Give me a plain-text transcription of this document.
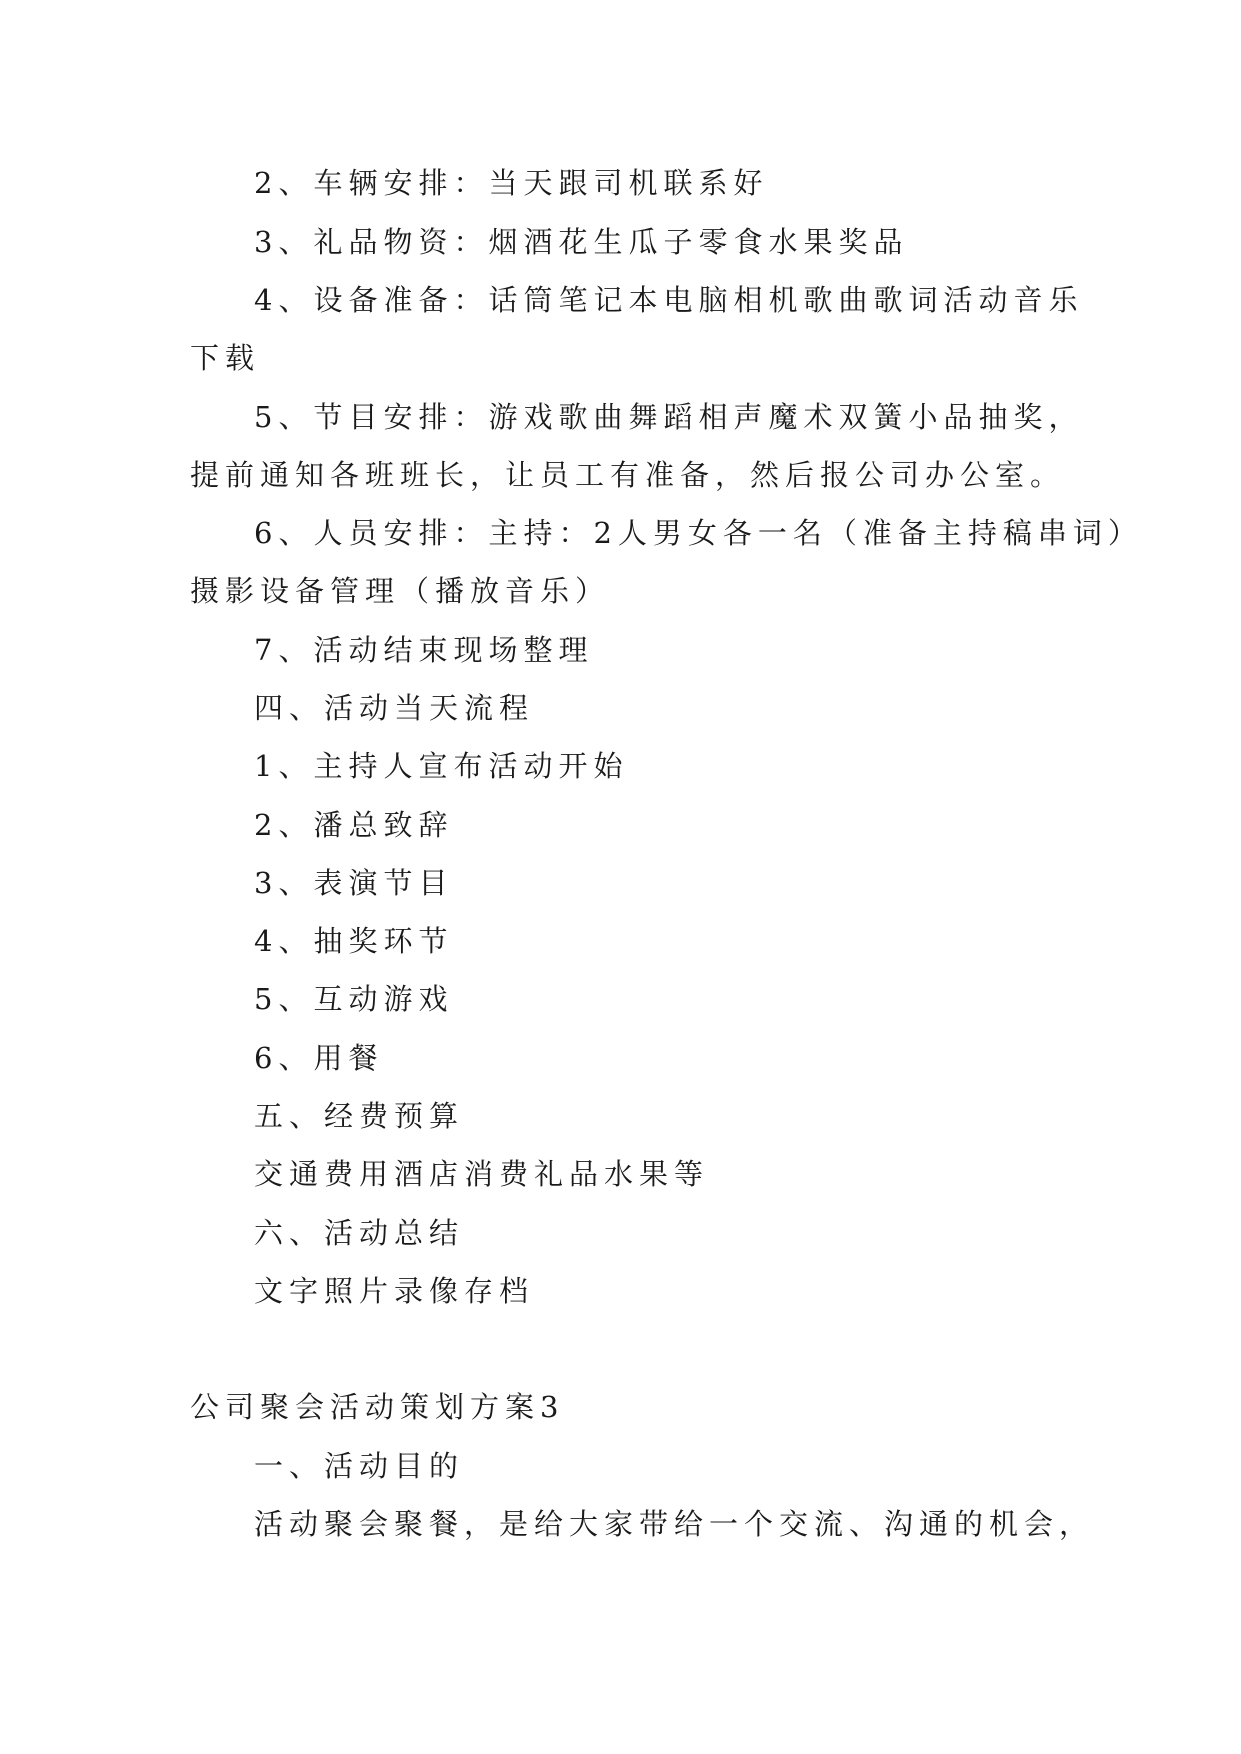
2、车辆安排：当天跟司机联系好
3、礼品物资：烟酒花生瓜子零食水果奖品
4、设备准备：话筒笔记本电脑相机歌曲歌词活动音乐
下载
5、节目安排：游戏歌曲舞蹈相声魔术双簧小品抽奖，
提前通知各班班长，让员工有准备，然后报公司办公室。
6、人员安排：主持：2人男女各一名（准备主持稿串词）
摄影设备管理（播放音乐）
7、活动结束现场整理
四、活动当天流程
1、主持人宣布活动开始
2、潘总致辞
3、表演节目
4、抽奖环节
5、互动游戏
6、用餐
五、经费预算
交通费用酒店消费礼品水果等
六、活动总结
文字照片录像存档
公司聚会活动策划方案3
一、活动目的
活动聚会聚餐，是给大家带给一个交流、沟通的机会，
